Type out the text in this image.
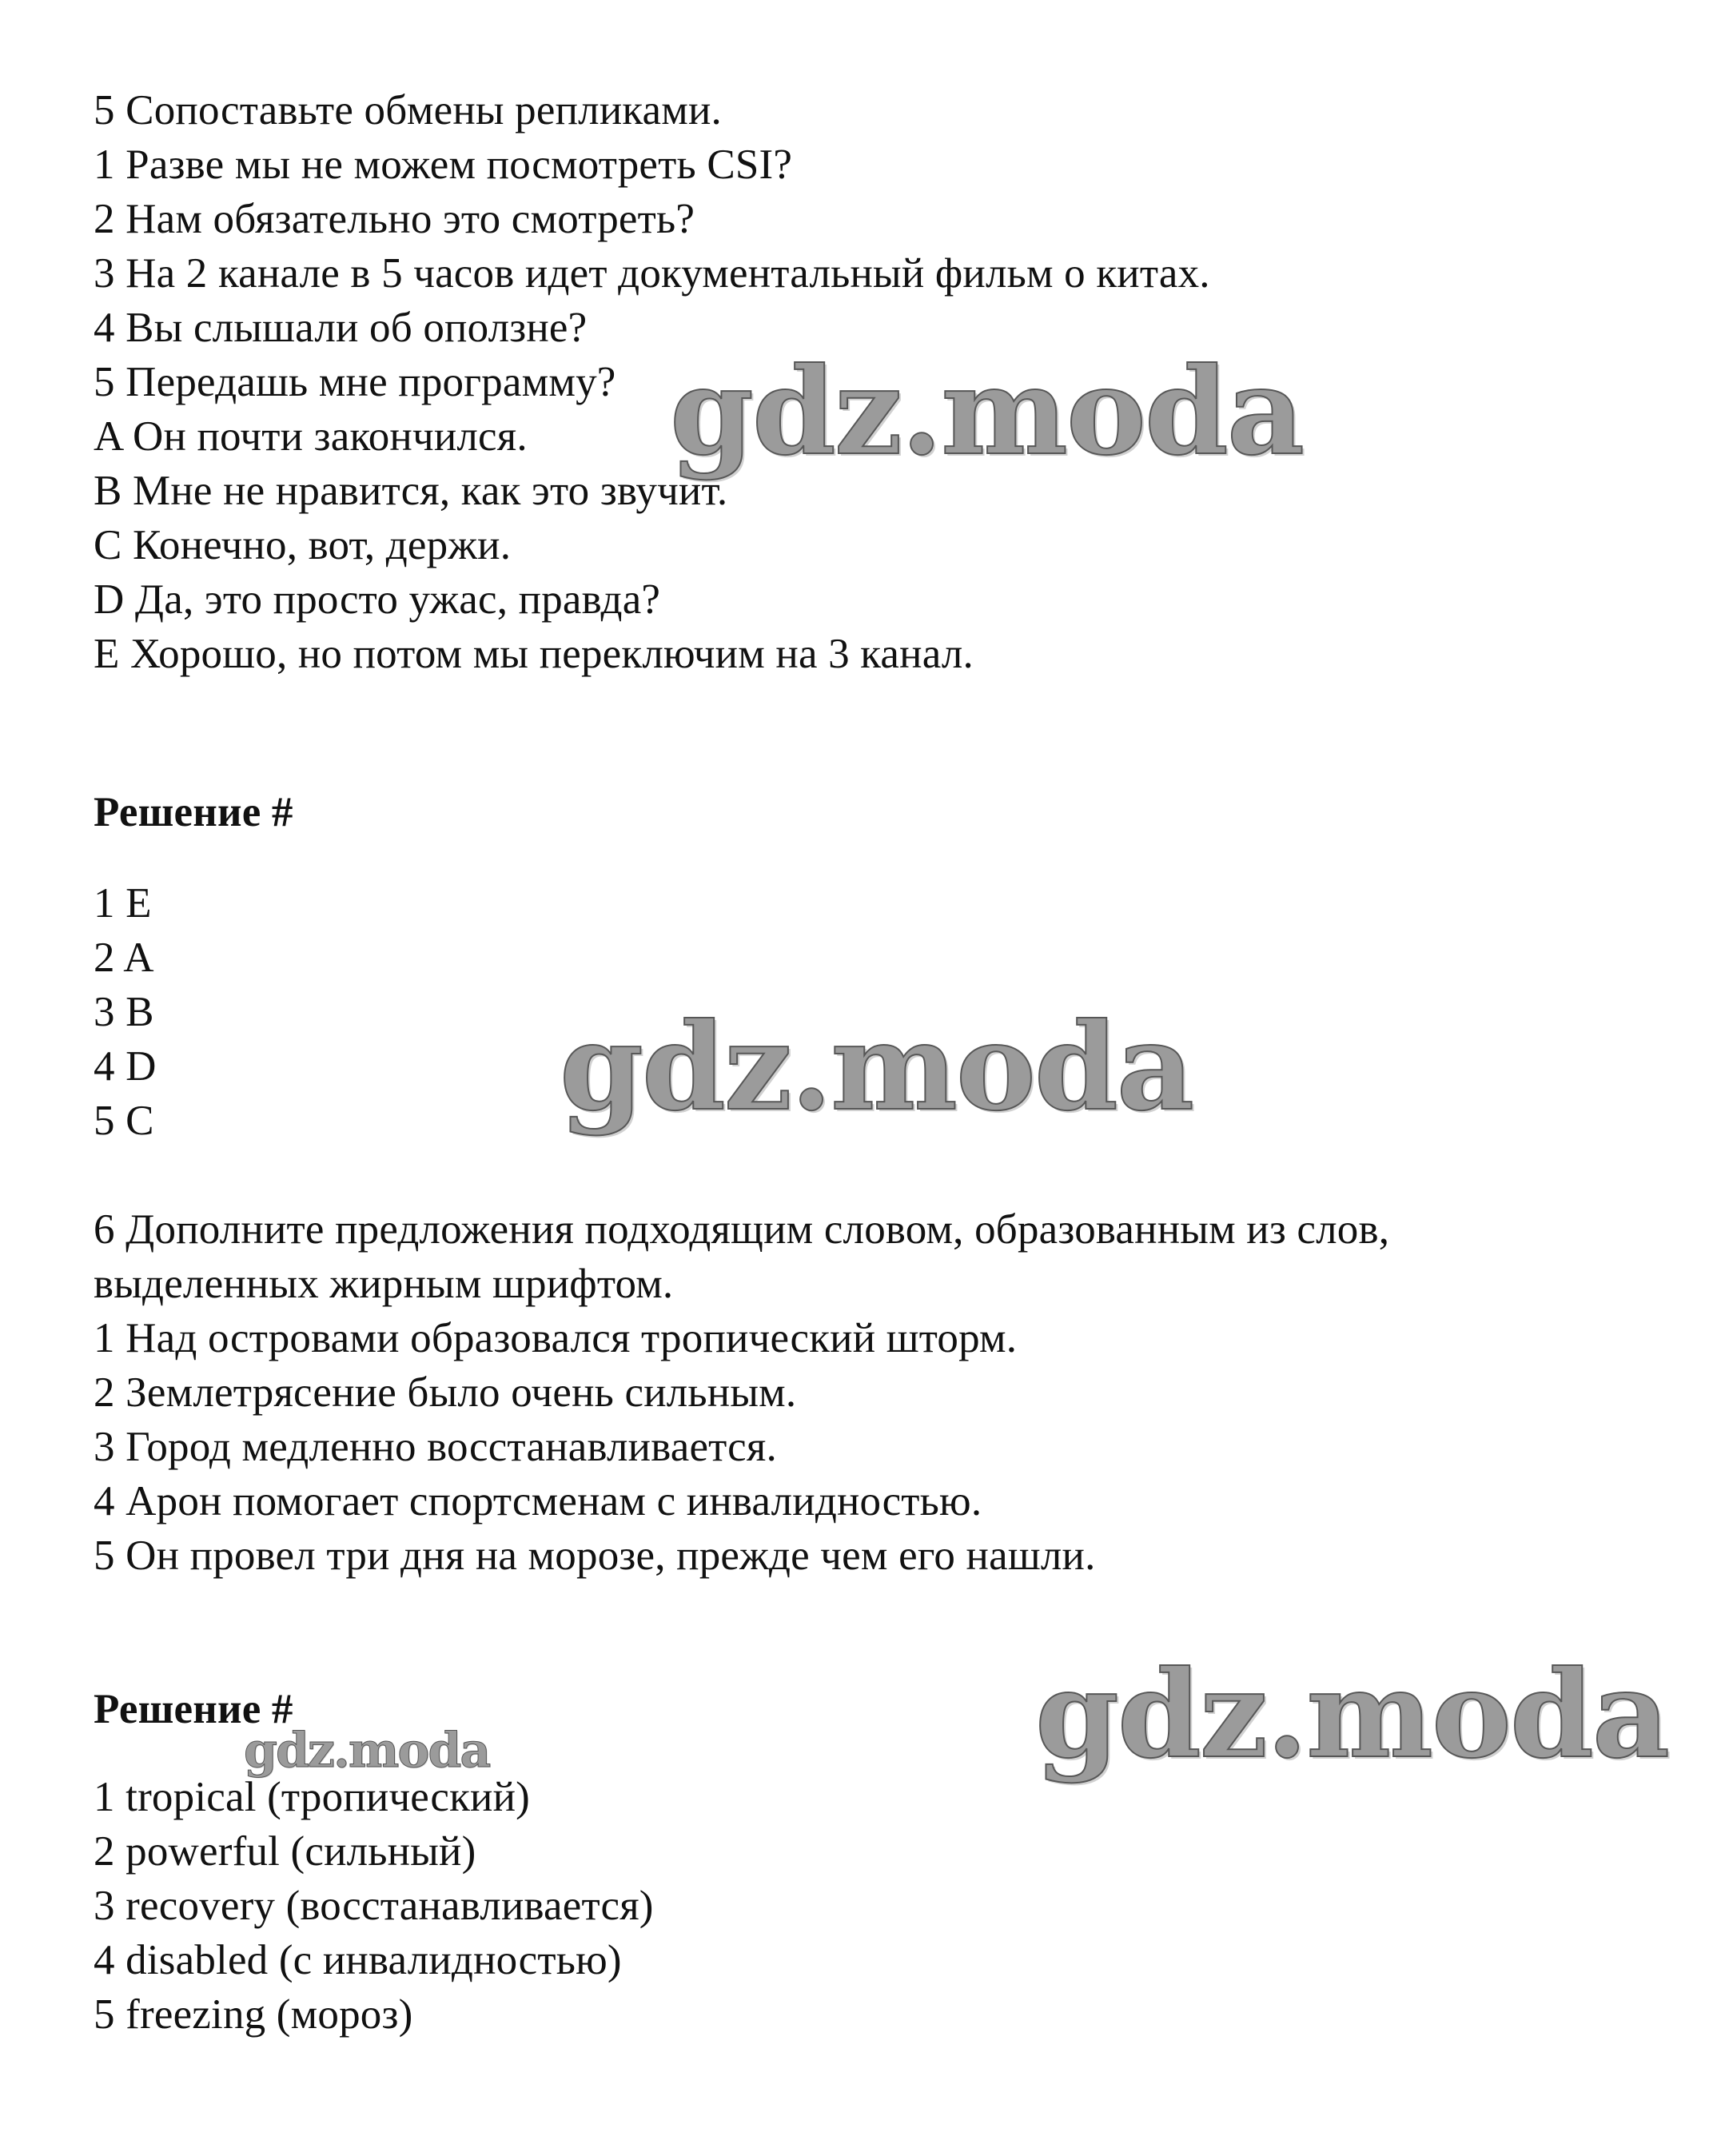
5 Сопоставьте обмены репликами.
1 Разве мы не можем посмотреть CSI?
2 Нам обязательно это смотреть?
3 На 2 канале в 5 часов идет документальный фильм о китах.
4 Вы слышали об оползне?
5 Передашь мне программу?
A Он почти закончился.
B Мне не нравится, как это звучит.
C Конечно, вот, держи.
D Да, это просто ужас, правда?
E Хорошо, но потом мы переключим на 3 канал.
Решение #
1 E
2 A
3 B
4 D
5 C
6 Дополните предложения подходящим словом, образованным из слов,
выделенных жирным шрифтом.
1 Над островами образовался тропический шторм.
2 Землетрясение было очень сильным.
3 Город медленно восстанавливается.
4 Арон помогает спортсменам с инвалидностью.
5 Он провел три дня на морозе, прежде чем его нашли.
Решение #
1 tropical (тропический)
2 powerful (сильный)
3 recovery (восстанавливается)
4 disabled (с инвалидностью)
5 freezing (мороз)
gdz.moda
gdz.moda
gdz.moda
gdz.moda
